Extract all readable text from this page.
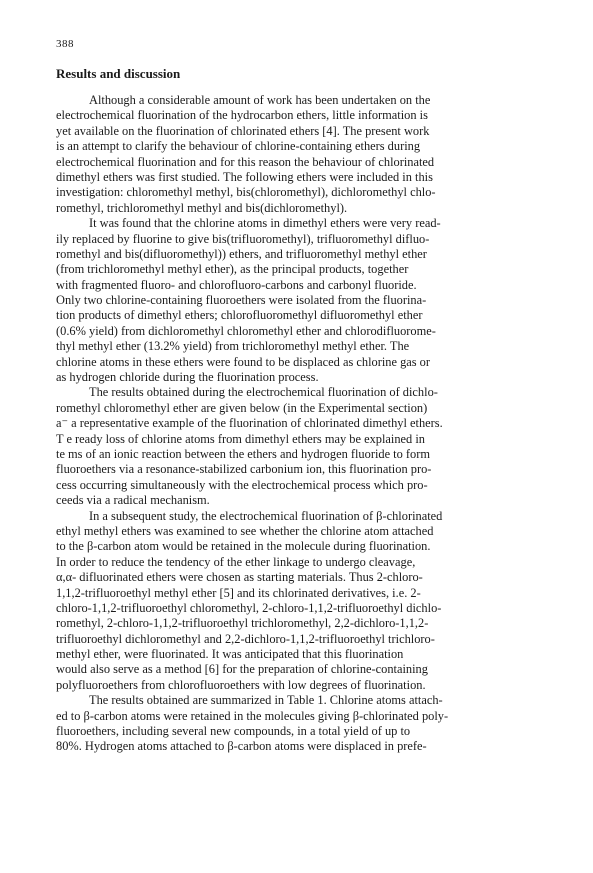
388
Results and discussion
Although a considerable amount of work has been undertaken on the
electrochemical fluorination of the hydrocarbon ethers, little information is
yet available on the fluorination of chlorinated ethers [4]. The present work
is an attempt to clarify the behaviour of chlorine-containing ethers during
electrochemical fluorination and for this reason the behaviour of chlorinated
dimethyl ethers was first studied. The following ethers were included in this
investigation: chloromethyl methyl, bis(chloromethyl), dichloromethyl chlo-
romethyl, trichloromethyl methyl and bis(dichloromethyl).
It was found that the chlorine atoms in dimethyl ethers were very read-
ily replaced by fluorine to give bis(trifluoromethyl), trifluoromethyl difluo-
romethyl and bis(difluoromethyl)) ethers, and trifluoromethyl methyl ether
(from trichloromethyl methyl ether), as the principal products, together
with fragmented fluoro- and chlorofluoro-carbons and carbonyl fluoride.
Only two chlorine-containing fluoroethers were isolated from the fluorina-
tion products of dimethyl ethers; chlorofluoromethyl difluoromethyl ether
(0.6% yield) from dichloromethyl chloromethyl ether and chlorodifluorome-
thyl methyl ether (13.2% yield) from trichloromethyl methyl ether. The
chlorine atoms in these ethers were found to be displaced as chlorine gas or
as hydrogen chloride during the fluorination process.
The results obtained during the electrochemical fluorination of dichlo-
romethyl chloromethyl ether are given below (in the Experimental section)
a⁻ a representative example of the fluorination of chlorinated dimethyl ethers.
T e ready loss of chlorine atoms from dimethyl ethers may be explained in
te ms of an ionic reaction between the ethers and hydrogen fluoride to form
fluoroethers via a resonance-stabilized carbonium ion, this fluorination pro-
cess occurring simultaneously with the electrochemical process which pro-
ceeds via a radical mechanism.
In a subsequent study, the electrochemical fluorination of β-chlorinated
ethyl methyl ethers was examined to see whether the chlorine atom attached
to the β-carbon atom would be retained in the molecule during fluorination.
In order to reduce the tendency of the ether linkage to undergo cleavage,
α,α- difluorinated ethers were chosen as starting materials. Thus 2-chloro-
1,1,2-trifluoroethyl methyl ether [5] and its chlorinated derivatives, i.e. 2-
chloro-1,1,2-trifluoroethyl chloromethyl, 2-chloro-1,1,2-trifluoroethyl dichlo-
romethyl, 2-chloro-1,1,2-trifluoroethyl trichloromethyl, 2,2-dichloro-1,1,2-
trifluoroethyl dichloromethyl and 2,2-dichloro-1,1,2-trifluoroethyl trichloro-
methyl ether, were fluorinated. It was anticipated that this fluorination
would also serve as a method [6] for the preparation of chlorine-containing
polyfluoroethers from chlorofluoroethers with low degrees of fluorination.
The results obtained are summarized in Table 1. Chlorine atoms attach-
ed to β-carbon atoms were retained in the molecules giving β-chlorinated poly-
fluoroethers, including several new compounds, in a total yield of up to
80%. Hydrogen atoms attached to β-carbon atoms were displaced in prefe-
